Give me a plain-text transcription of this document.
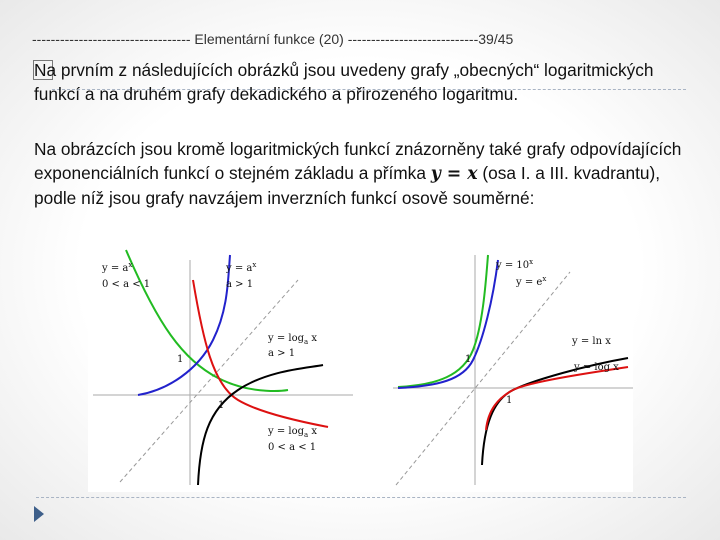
---------------------------------- Elementární funkce (20) ----------------------------39/45
Na prvním z následujících obrázků jsou uvedeny grafy „obecných“ logaritmických funkcí a na druhém grafy dekadického a přirozeného logaritmu.
Na obrázcích jsou kromě logaritmických funkcí znázorněny také grafy odpovídajících exponenciálních funkcí o stejném základu a přímka y = x (osa I. a III. kvadrantu), podle níž jsou grafy navzájem inverzních funkcí osově souměrné:
$y = a^x$
0 < a < 1
$y = a^x$
a > 1
$y = \log_a x$
a > 1
$y = \log_a x$
0 < a < 1
1
1
$y = 10^x$
$y = e^x$
y = ln x
y = log x
1
1
